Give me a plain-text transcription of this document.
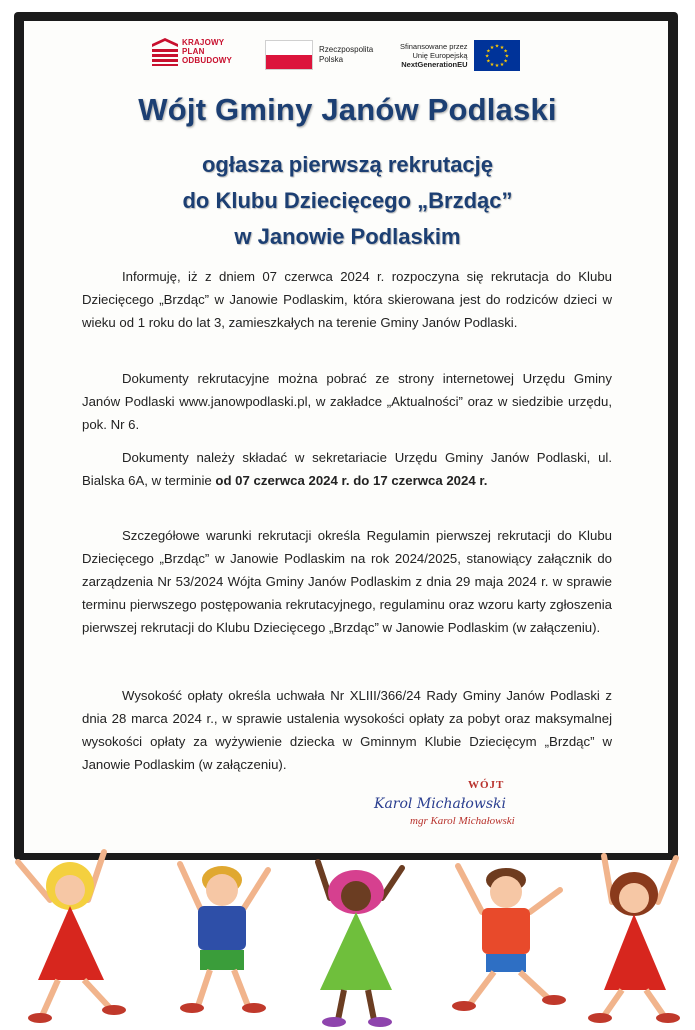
KRAJOWY
PLAN
ODBUDOWY
Rzeczpospolita
Polska
Sfinansowane przez
Unię Europejską
NextGenerationEU
★ ★
★
★
★
★
★
★
★
★
★
★
Wójt Gminy Janów Podlaski
ogłasza pierwszą rekrutację
do Klubu Dziecięcego „Brzdąc”
w Janowie Podlaskim

Informuję, iż z dniem 07 czerwca 2024 r. rozpoczyna się rekrutacja do Klubu Dziecięcego „Brzdąc” w Janowie Podlaskim, która skierowana jest do rodziców dzieci w wieku od 1 roku do lat 3, zamieszkałych na terenie Gminy Janów Podlaski.

Dokumenty rekrutacyjne można pobrać ze strony internetowej Urzędu Gminy Janów Podlaski www.janowpodlaski.pl, w zakładce „Aktualności” oraz w siedzibie urzędu, pok. Nr 6.

Dokumenty należy składać w sekretariacie Urzędu Gminy Janów Podlaski, ul. Bialska 6A, w terminie od 07 czerwca 2024 r. do 17 czerwca 2024 r.

Szczegółowe warunki rekrutacji określa Regulamin pierwszej rekrutacji do Klubu Dziecięcego „Brzdąc” w Janowie Podlaskim na rok 2024/2025, stanowiący załącznik do zarządzenia Nr 53/2024 Wójta Gminy Janów Podlaskim z dnia 29 maja 2024 r. w sprawie terminu pierwszego postępowania rekrutacyjnego, regulaminu oraz wzoru karty zgłoszenia pierwszej rekrutacji do Klubu Dziecięcego „Brzdąc” w Janowie Podlaskim (w załączeniu).

Wysokość opłaty określa uchwała Nr XLIII/366/24 Rady Gminy Janów Podlaski z dnia 28 marca 2024 r., w sprawie ustalenia wysokości opłaty za pobyt oraz maksymalnej wysokości opłaty za wyżywienie dziecka w Gminnym Klubie Dziecięcym „Brzdąc” w Janowie Podlaskim (w załączeniu).

WÓJT
Karol Michałowski
mgr Karol Michałowski
